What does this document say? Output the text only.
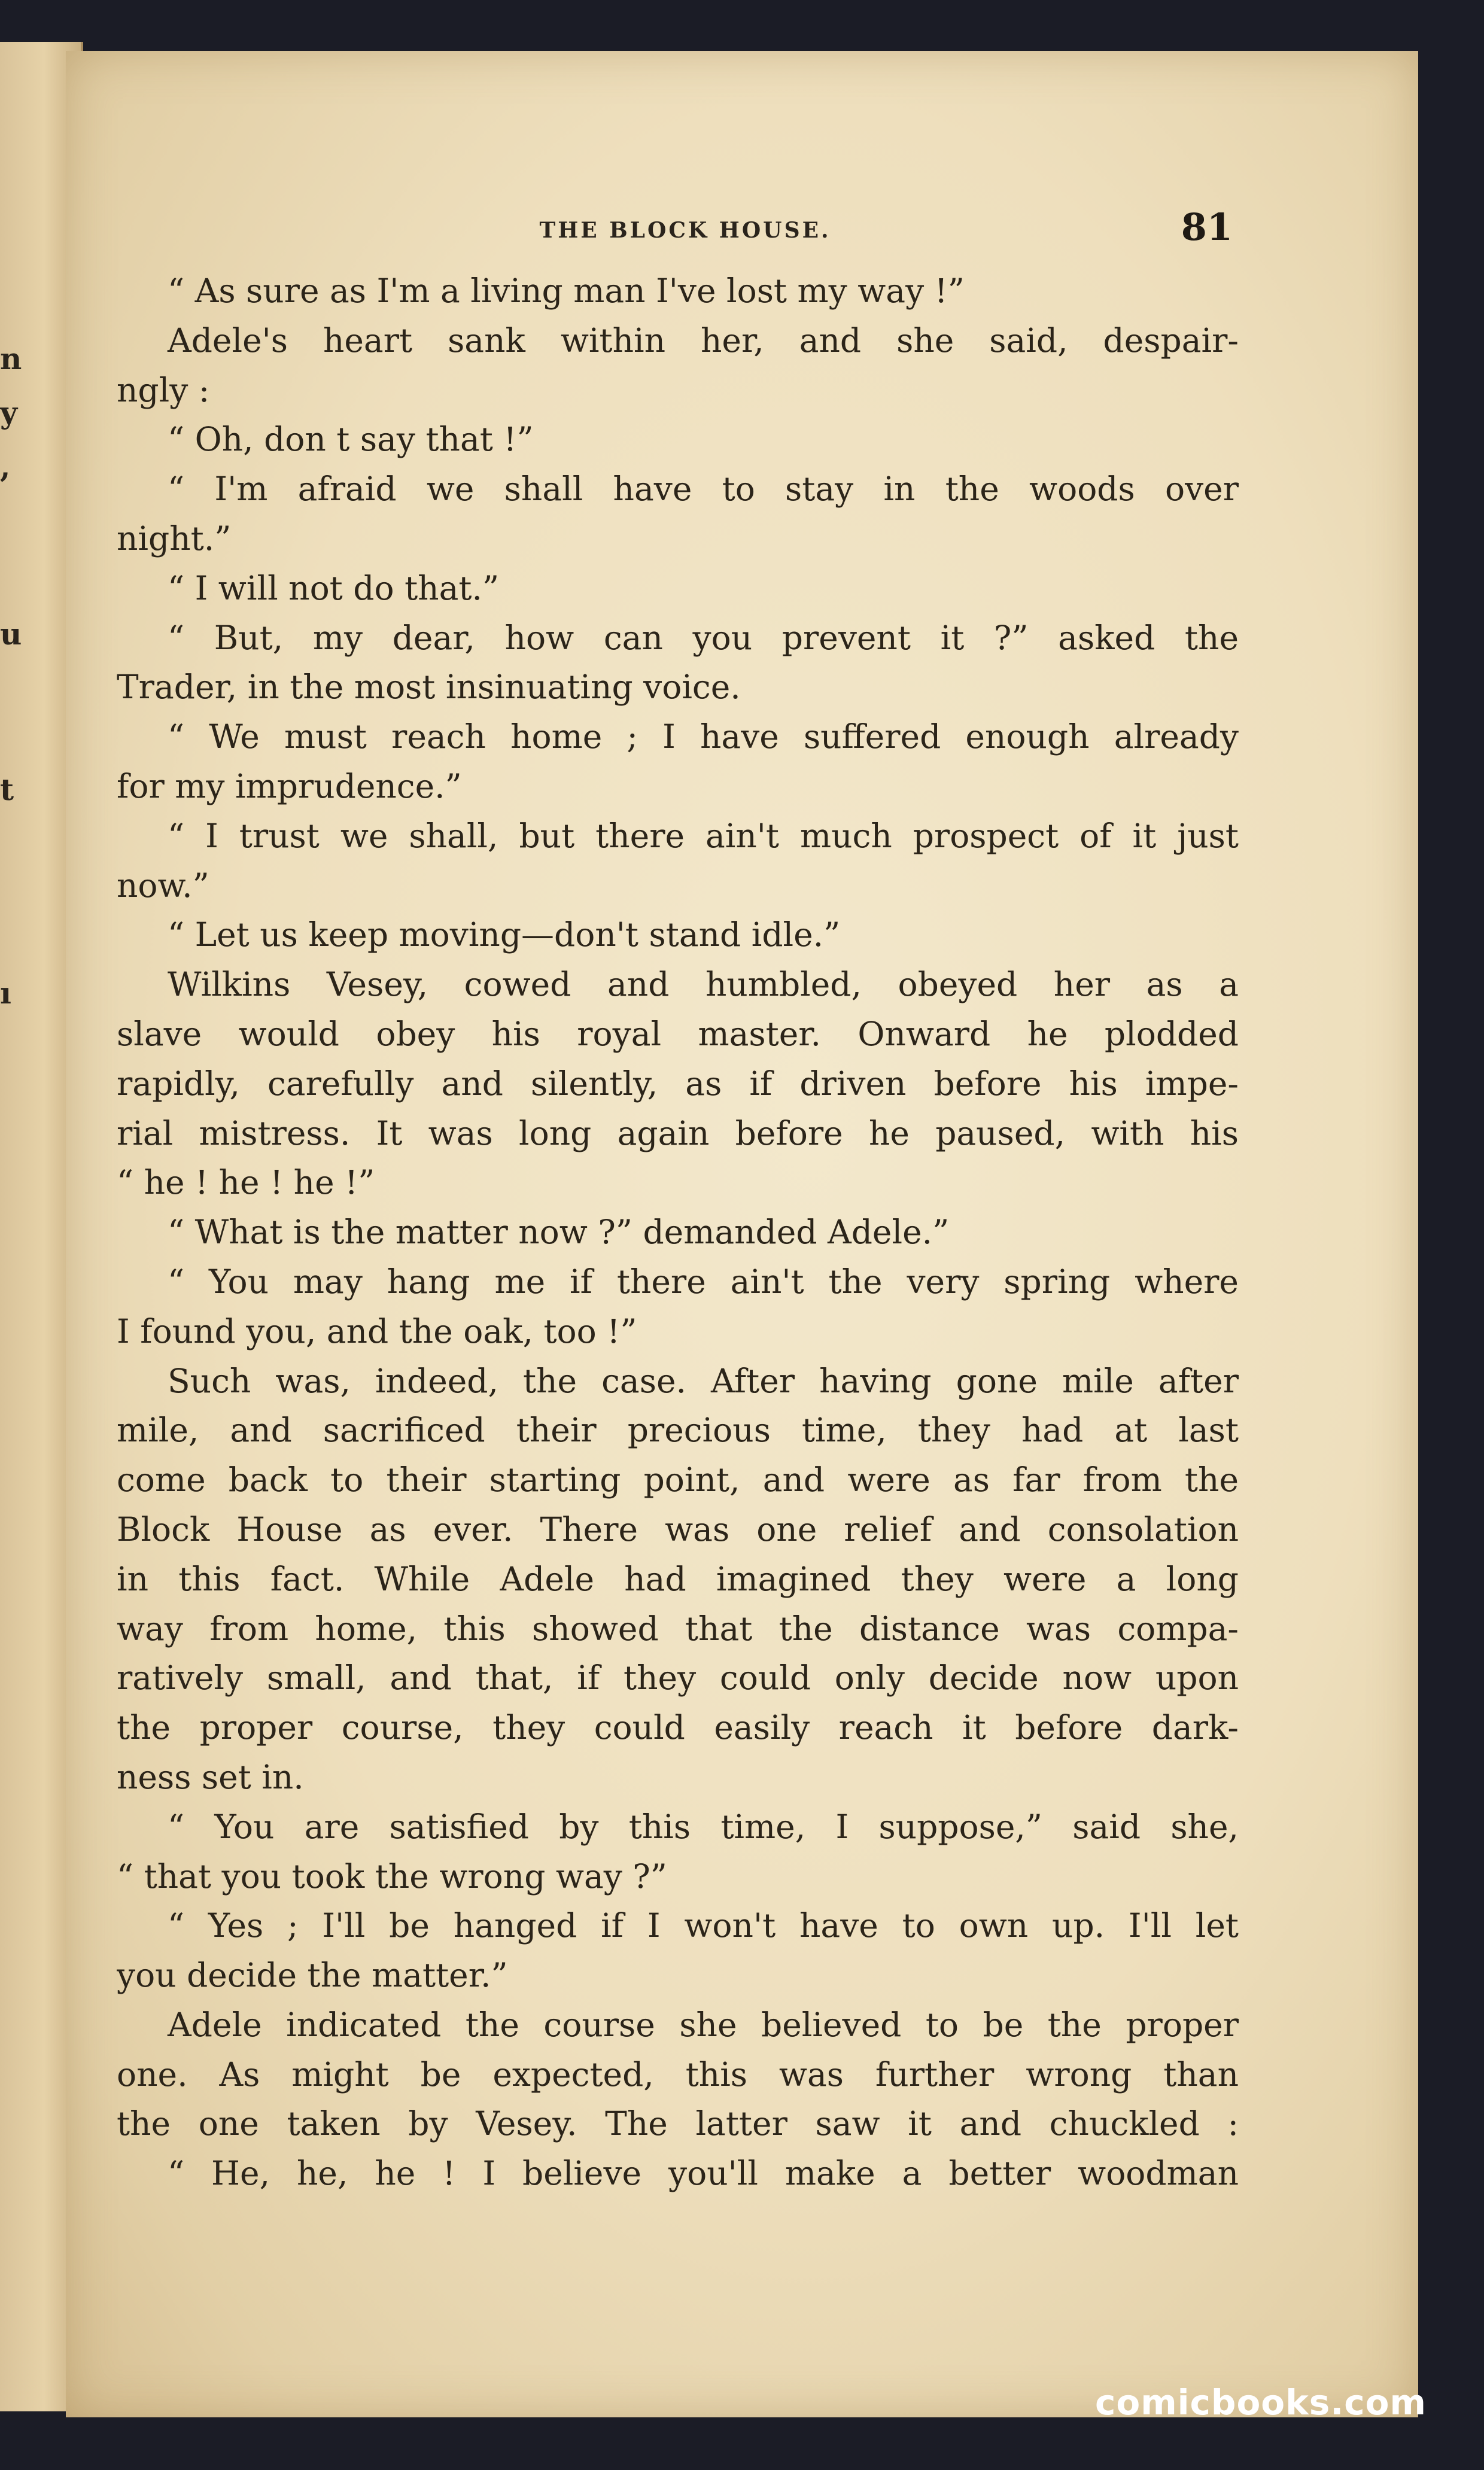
n
y
,
u
t
ı
THE BLOCK HOUSE.	81
“ As sure as I'm a living man I've lost my way !”
Adele's heart sank within her, and she said, despair-
ngly :
“ Oh, don t say that !”
“ I'm afraid we shall have to stay in the woods over
night.”
“ I will not do that.”
“ But, my dear, how can you prevent it ?” asked the
Trader, in the most insinuating voice.
“ We must reach home ; I have suffered enough already
for my imprudence.”
“ I trust we shall, but there ain't much prospect of it just
now.”
“ Let us keep moving—don't stand idle.”
Wilkins Vesey, cowed and humbled, obeyed her as a
slave would obey his royal master. Onward he plodded
rapidly, carefully and silently, as if driven before his impe-
rial mistress. It was long again before he paused, with his
“ he ! he ! he !”
“ What is the matter now ?” demanded Adele.”
“ You may hang me if there ain't the very spring where
I found you, and the oak, too !”
Such was, indeed, the case. After having gone mile after
mile, and sacrificed their precious time, they had at last
come back to their starting point, and were as far from the
Block House as ever. There was one relief and consolation
in this fact. While Adele had imagined they were a long
way from home, this showed that the distance was compa-
ratively small, and that, if they could only decide now upon
the proper course, they could easily reach it before dark-
ness set in.
“ You are satisfied by this time, I suppose,” said she,
“ that you took the wrong way ?”
“ Yes ; I'll be hanged if I won't have to own up. I'll let
you decide the matter.”
Adele indicated the course she believed to be the proper
one. As might be expected, this was further wrong than
the one taken by Vesey. The latter saw it and chuckled :
“ He, he, he ! I believe you'll make a better woodman
comicbooks.com
